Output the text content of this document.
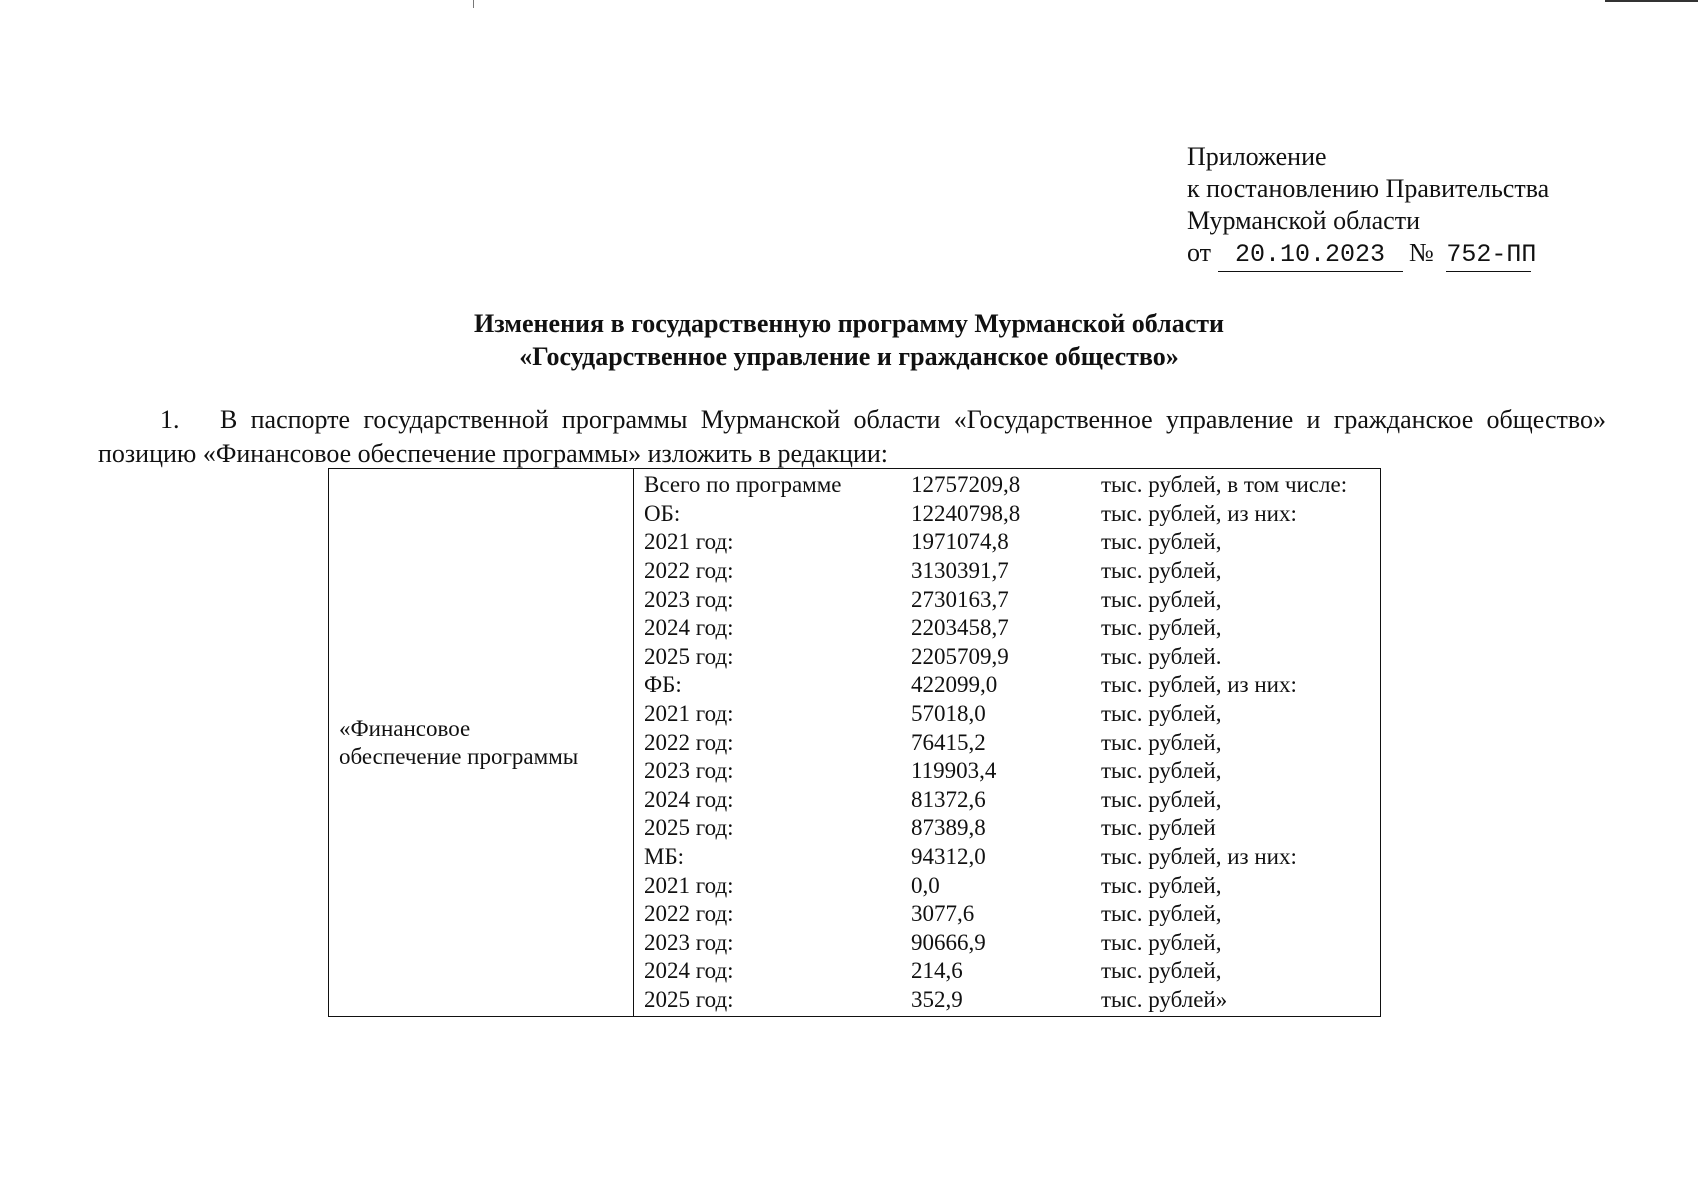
Приложение
к постановлению Правительства
Мурманской области
от 20.10.2023 № 752-ПП
Изменения в государственную программу Мурманской области
«Государственное управление и гражданское общество»
1. В паспорте государственной программы Мурманской области «Государственное управление и гражданское общество» позицию «Финансовое обеспечение программы» изложить в редакции:
«Финансовое
обеспечение программы

Всего по программе	12757209,8	тыс. рублей, в том числе:
ОБ:	12240798,8	тыс. рублей, из них:
2021 год:	1971074,8	тыс. рублей,
2022 год:	3130391,7	тыс. рублей,
2023 год:	2730163,7	тыс. рублей,
2024 год:	2203458,7	тыс. рублей,
2025 год:	2205709,9	тыс. рублей.
ФБ:	422099,0	тыс. рублей, из них:
2021 год:	57018,0	тыс. рублей,
2022 год:	76415,2	тыс. рублей,
2023 год:	119903,4	тыс. рублей,
2024 год:	81372,6	тыс. рублей,
2025 год:	87389,8	тыс. рублей
МБ:	94312,0	тыс. рублей, из них:
2021 год:	0,0	тыс. рублей,
2022 год:	3077,6	тыс. рублей,
2023 год:	90666,9	тыс. рублей,
2024 год:	214,6	тыс. рублей,
2025 год:	352,9	тыс. рублей»
